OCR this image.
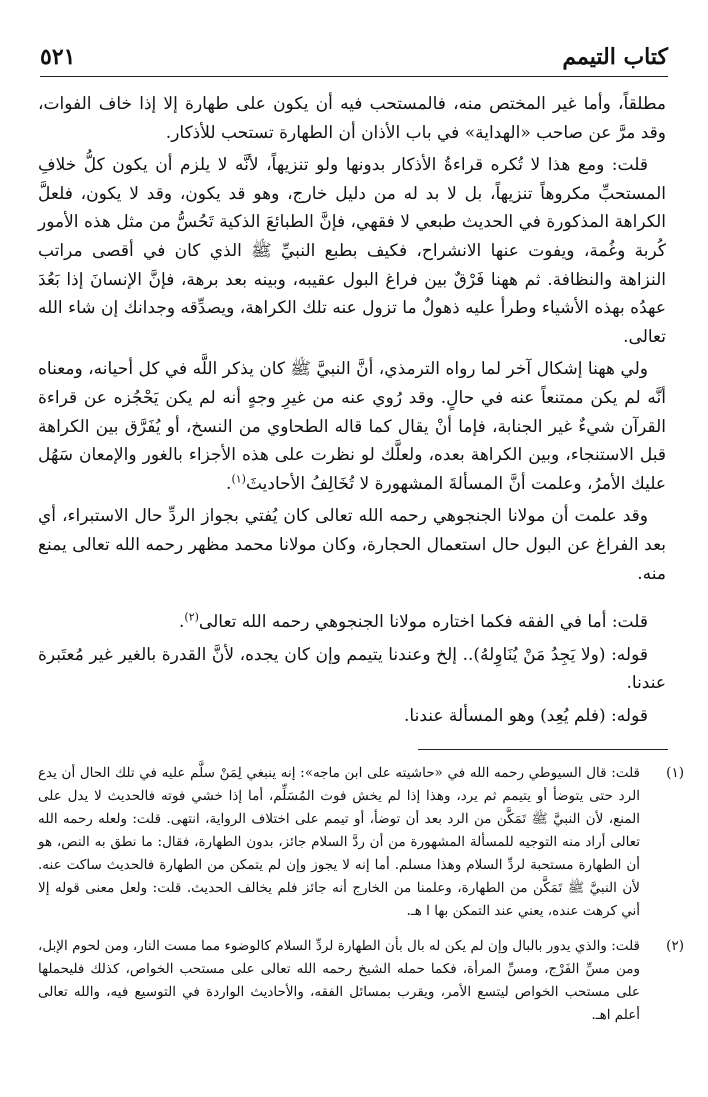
كتاب التيمم
٥٢١

مطلقاً، وأما غير المختص منه، فالمستحب فيه أن يكون على طهارة إلا إذا خاف الفوات، وقد مرَّ عن صاحب «الهداية» في باب الأذان أن الطهارة تستحب للأذكار.

قلت: ومع هذا لا تُكره قراءةُ الأذكار بدونها ولو تنزيهاً، لأنَّه لا يلزم أن يكون كلُّ خلافِ المستحبِّ مكروهاً تنزيهاً، بل لا بد له من دليل خارج، وهو قد يكون، وقد لا يكون، فلعلَّ الكراهة المذكورة في الحديث طبعي لا فقهي، فإنَّ الطبائعَ الذكية تَحُسُّ من مثل هذه الأمور كُربة وغُمة، ويفوت عنها الانشراح، فكيف بطبع النبيِّ ﷺ الذي كان في أقصى مراتب النزاهة والنظافة. ثم ههنا فَرْقٌ بين فراغ البول عقيبه، وبينه بعد برهة، فإنَّ الإنسانَ إذا بَعُدَ عهدُه بهذه الأشياء وطرأ عليه ذهولٌ ما تزول عنه تلك الكراهة، ويصدِّقه وجدانك إن شاء الله تعالى.

ولي ههنا إشكال آخر لما رواه الترمذي، أنَّ النبيَّ ﷺ كان يذكر اللَّه في كل أحيانه، ومعناه أنَّه لم يكن ممتنعاً عنه في حالٍ. وقد رُوي عنه من غيرِ وجهٍ أنه لم يكن يَحْجُزه عن قراءة القرآن شيءٌ غير الجنابة، فإما أنْ يقال كما قاله الطحاوي من النسخ، أو يُفَرَّق بين الكراهة قبل الاستنجاء، وبين الكراهة بعده، ولعلَّك لو نظرت على هذه الأجزاء بالغور والإمعان سَهُل عليك الأمرُ، وعلمت أنَّ المسألةَ المشهورة لا تُخَالِفُ الأحاديثَ$^{(١)}$.

وقد علمت أن مولانا الجنجوهي رحمه الله تعالى كان يُفتي بجواز الردِّ حال الاستبراء، أي بعد الفراغ عن البول حال استعمال الحجارة، وكان مولانا محمد مظهر رحمه الله تعالى يمنع منه.

قلت: أما في الفقه فكما اختاره مولانا الجنجوهي رحمه الله تعالى$^{(٢)}$.

قوله: (ولا يَجِدُ مَنْ يُنَاوِلهُ).. إلخ وعندنا يتيمم وإن كان يجده، لأنَّ القدرة بالغير غير مُعتَبرة عندنا.

قوله: (فلم يُعِد) وهو المسألة عندنا.

(١)
قلت: قال السيوطي رحمه الله في «حاشيته على ابن ماجه»: إنه ينبغي لِمَنْ سلَّم عليه في تلك الحال أن يدع الرد حتى يتوضأ أو يتيمم ثم يرد، وهذا إذا لم يخش فوت المُسَلِّم، أما إذا خشي فوته فالحديث لا يدل على المنع، لأن النبيَّ ﷺ تَمَكَّن من الرد بعد أن توضأ، أو تيمم على اختلاف الرواية، انتهى. قلت: ولعله رحمه الله تعالى أراد منه التوجيه للمسألة المشهورة من أن ردَّ السلام جائز، بدون الطهارة، فقال: ما نطق به النص، هو أن الطهارة مستحبة لردِّ السلام وهذا مسلم. أما إنه لا يجوز وإن لم يتمكن من الطهارة فالحديث ساكت عنه. لأن النبيَّ ﷺ تَمَكَّن من الطهارة، وعلمنا من الخارج أنه جائز فلم يخالف الحديث. قلت: ولعل معنى قوله إلا أني كرهت عنده، يعني عند التمكن بها ا هـ.
(٢)
قلت: والذي يدور بالبال وإن لم يكن له بال بأن الطهارة لردِّ السلام كالوضوء مما مست النار، ومن لحوم الإبل، ومن مسِّ الفَرْج، ومسِّ المرأة، فكما حمله الشيخ رحمه الله تعالى على مستحب الخواص، كذلك فليحملها على مستحب الخواص ليتسع الأمر، ويقرب بمسائل الفقه، والأحاديث الواردة في التوسيع فيه، والله تعالى أعلم اهـ.
